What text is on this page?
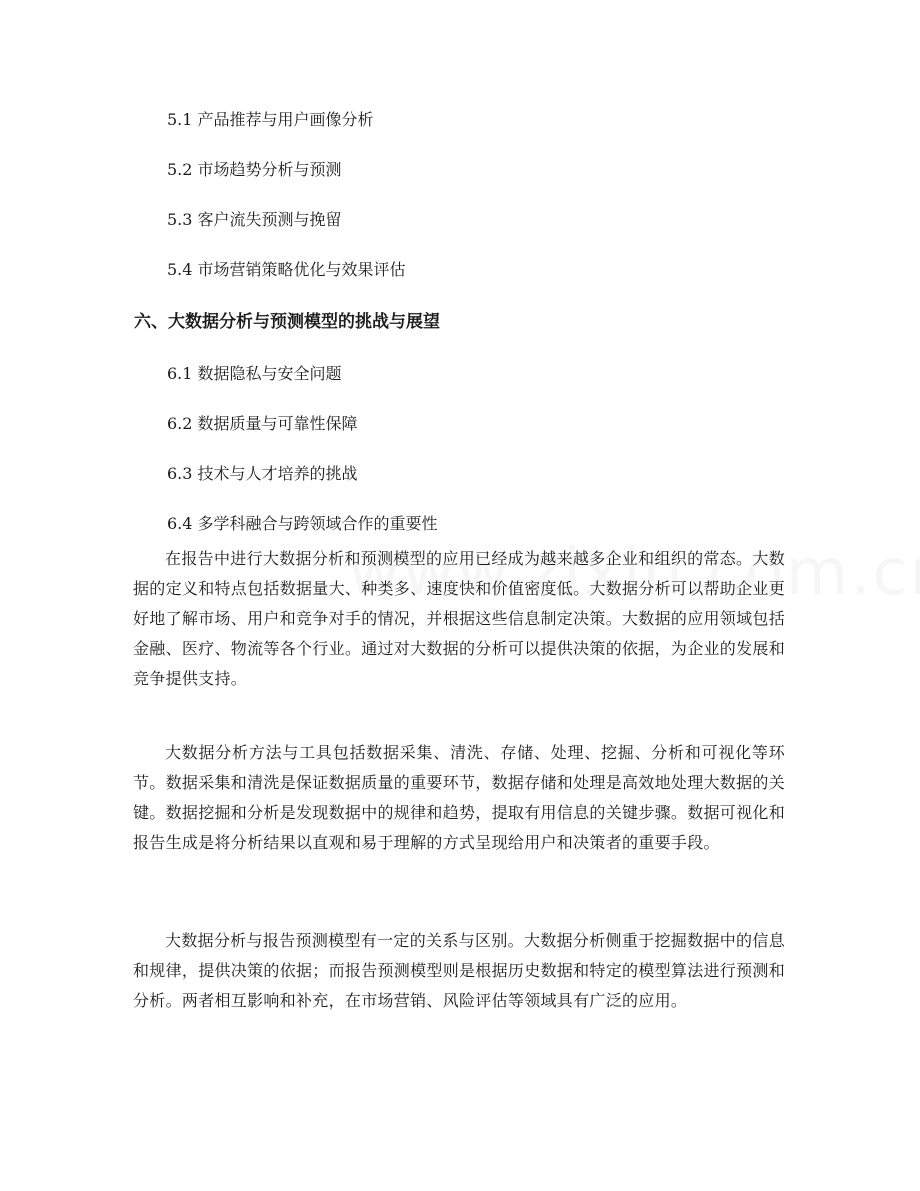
5.1 产品推荐与用户画像分析
5.2 市场趋势分析与预测
5.3 客户流失预测与挽留
5.4 市场营销策略优化与效果评估
六、大数据分析与预测模型的挑战与展望
6.1 数据隐私与安全问题
6.2 数据质量与可靠性保障
6.3 技术与人才培养的挑战
6.4 多学科融合与跨领域合作的重要性

在报告中进行大数据分析和预测模型的应用已经成为越来越多企业和组织的常态。大数据的定义和特点包括数据量大、种类多、速度快和价值密度低。大数据分析可以帮助企业更好地了解市场、用户和竞争对手的情况，并根据这些信息制定决策。大数据的应用领域包括金融、医疗、物流等各个行业。通过对大数据的分析可以提供决策的依据，为企业的发展和竞争提供支持。

大数据分析方法与工具包括数据采集、清洗、存储、处理、挖掘、分析和可视化等环节。数据采集和清洗是保证数据质量的重要环节，数据存储和处理是高效地处理大数据的关键。数据挖掘和分析是发现数据中的规律和趋势，提取有用信息的关键步骤。数据可视化和报告生成是将分析结果以直观和易于理解的方式呈现给用户和决策者的重要手段。

大数据分析与报告预测模型有一定的关系与区别。大数据分析侧重于挖掘数据中的信息和规律，提供决策的依据；而报告预测模型则是根据历史数据和特定的模型算法进行预测和分析。两者相互影响和补充，在市场营销、风险评估等领域具有广泛的应用。
